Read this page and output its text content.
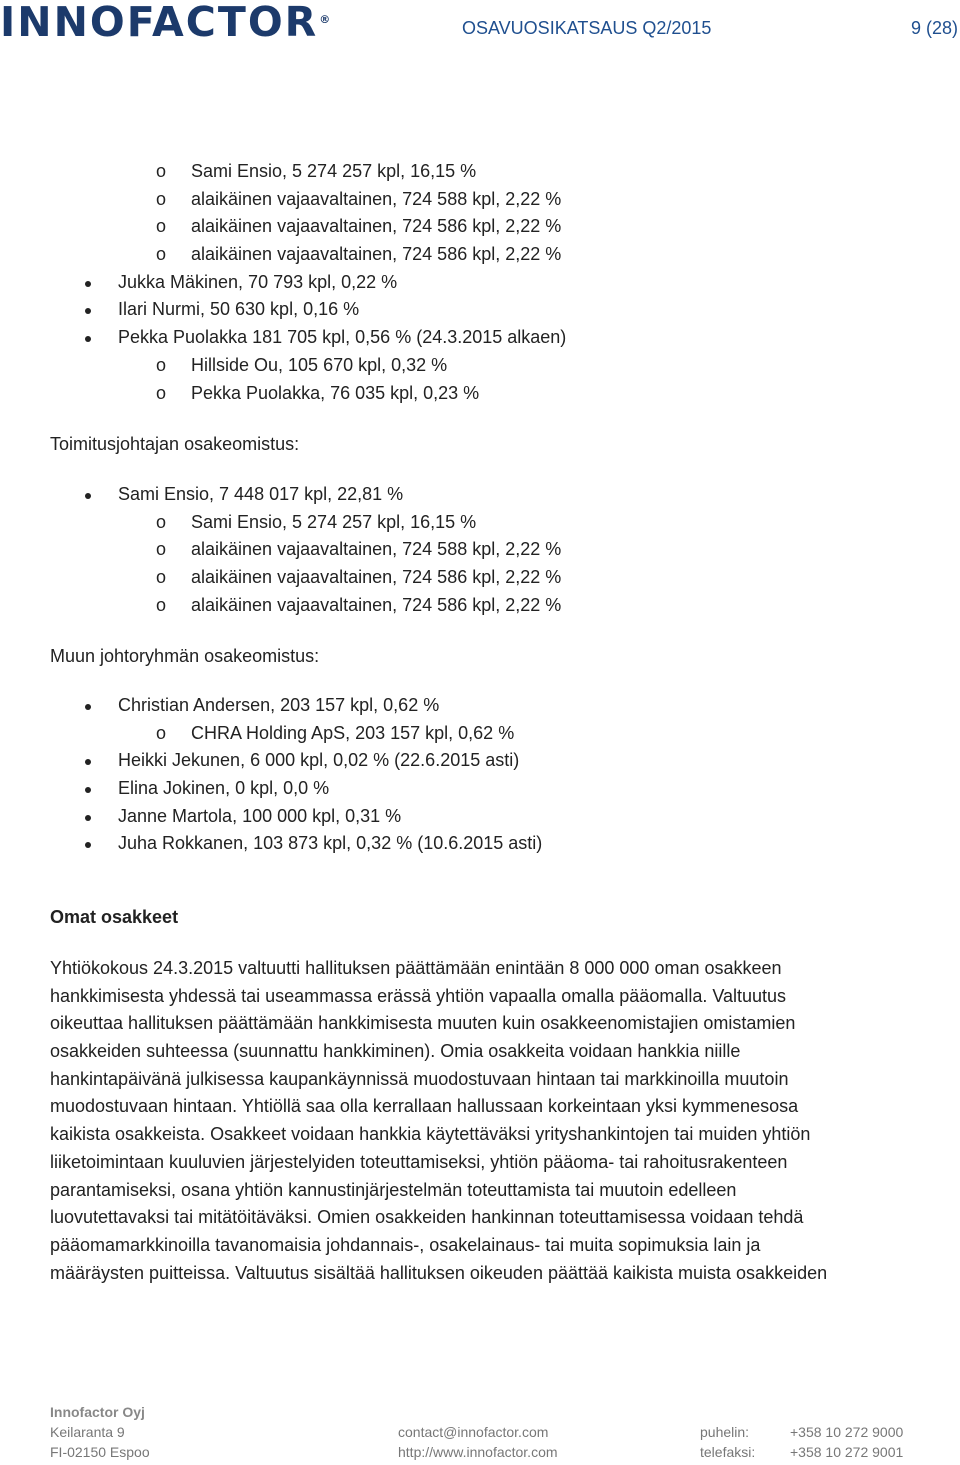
INNOFACTOR®	OSAVUOSIKATSAUS Q2/2015	9 (28)
o Sami Ensio, 5 274 257 kpl, 16,15 %
o alaikäinen vajaavaltainen, 724 588 kpl, 2,22 %
o alaikäinen vajaavaltainen, 724 586 kpl, 2,22 %
o alaikäinen vajaavaltainen, 724 586 kpl, 2,22 %
Jukka Mäkinen, 70 793 kpl, 0,22 %
Ilari Nurmi, 50 630 kpl, 0,16 %
Pekka Puolakka 181 705 kpl, 0,56 % (24.3.2015 alkaen)
o Hillside Ou, 105 670 kpl, 0,32 %
o Pekka Puolakka, 76 035 kpl, 0,23 %

Toimitusjohtajan osakeomistus:

Sami Ensio, 7 448 017 kpl, 22,81 %
o Sami Ensio, 5 274 257 kpl, 16,15 %
o alaikäinen vajaavaltainen, 724 588 kpl, 2,22 %
o alaikäinen vajaavaltainen, 724 586 kpl, 2,22 %
o alaikäinen vajaavaltainen, 724 586 kpl, 2,22 %

Muun johtoryhmän osakeomistus:

Christian Andersen, 203 157 kpl, 0,62 %
o CHRA Holding ApS, 203 157 kpl, 0,62 %
Heikki Jekunen, 6 000 kpl, 0,02 % (22.6.2015 asti)
Elina Jokinen, 0 kpl, 0,0 %
Janne Martola, 100 000 kpl, 0,31 %
Juha Rokkanen, 103 873 kpl, 0,32 % (10.6.2015 asti)

Omat osakkeet

Yhtiökokous 24.3.2015 valtuutti hallituksen päättämään enintään 8 000 000 oman osakkeen
hankkimisesta yhdessä tai useammassa erässä yhtiön vapaalla omalla pääomalla. Valtuutus
oikeuttaa hallituksen päättämään hankkimisesta muuten kuin osakkeenomistajien omistamien
osakkeiden suhteessa (suunnattu hankkiminen). Omia osakkeita voidaan hankkia niille
hankintapäivänä julkisessa kaupankäynnissä muodostuvaan hintaan tai markkinoilla muutoin
muodostuvaan hintaan. Yhtiöllä saa olla kerrallaan hallussaan korkeintaan yksi kymmenesosa
kaikista osakkeista. Osakkeet voidaan hankkia käytettäväksi yrityshankintojen tai muiden yhtiön
liiketoimintaan kuuluvien järjestelyiden toteuttamiseksi, yhtiön pääoma- tai rahoitusrakenteen
parantamiseksi, osana yhtiön kannustinjärjestelmän toteuttamista tai muutoin edelleen
luovutettavaksi tai mitätöitäväksi. Omien osakkeiden hankinnan toteuttamisessa voidaan tehdä
pääomamarkkinoilla tavanomaisia johdannais-, osakelainaus- tai muita sopimuksia lain ja
määräysten puitteissa. Valtuutus sisältää hallituksen oikeuden päättää kaikista muista osakkeiden
Innofactor Oyj
Keilaranta 9
FI-02150 Espoo
contact@innofactor.com
http://www.innofactor.com
puhelin:	+358 10 272 9000
telefaksi: +358 10 272 9001
